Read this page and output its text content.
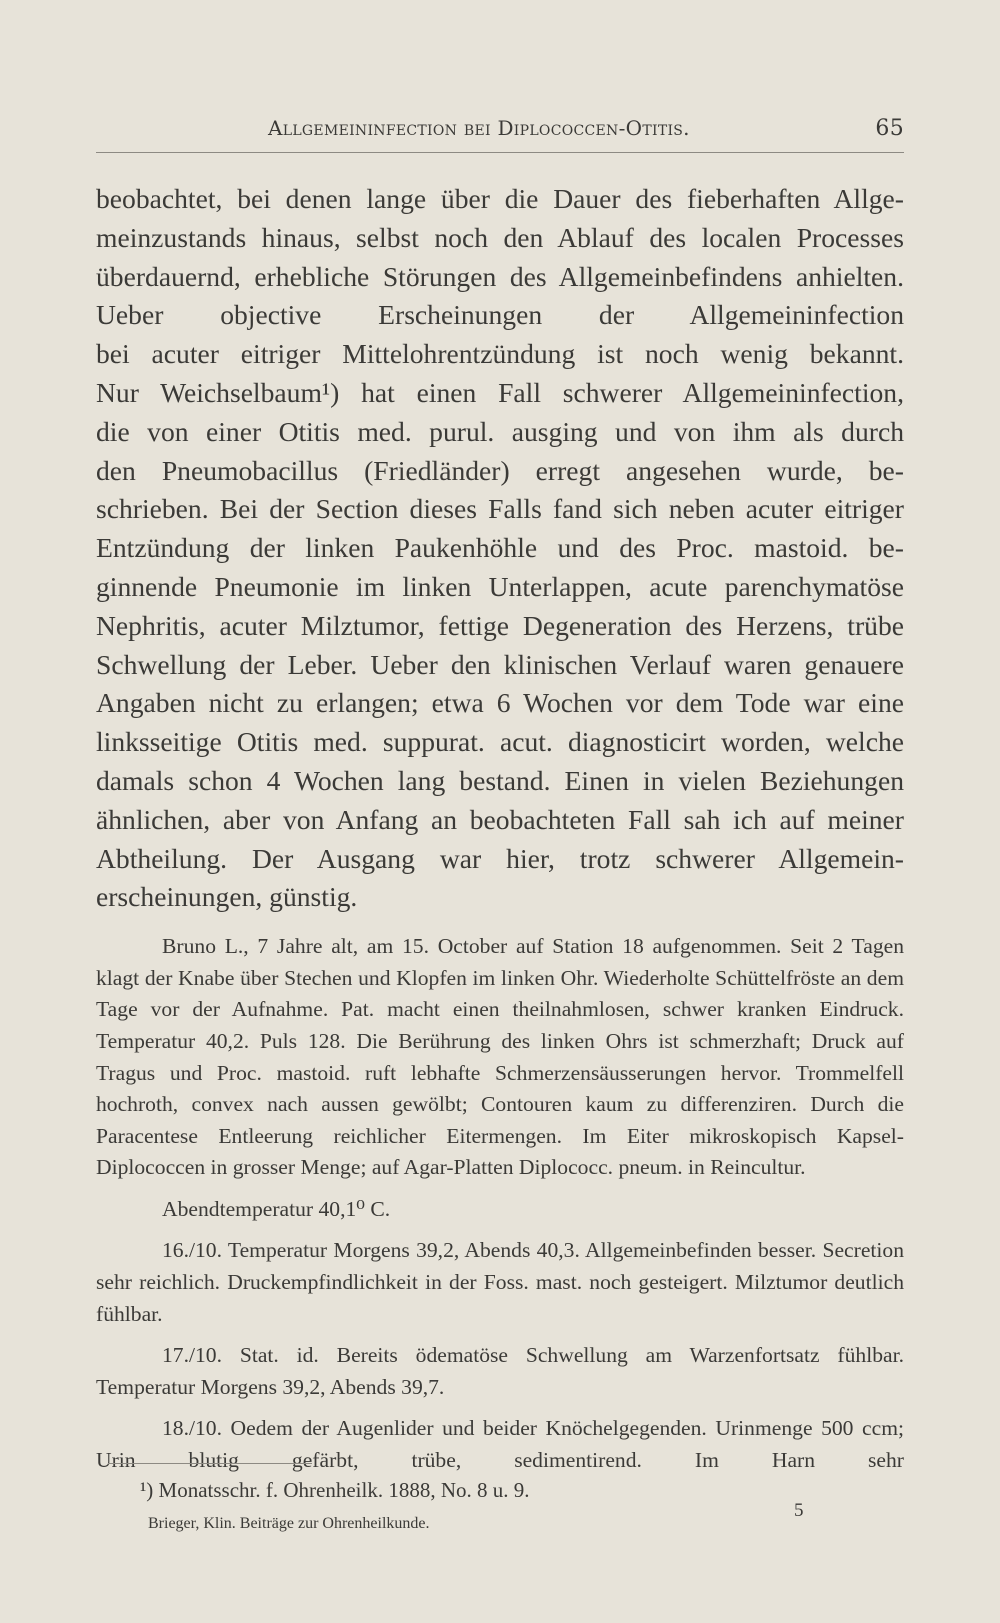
Allgemeininfection bei Diplococcen-Otitis.	65

beobachtet, bei denen lange über die Dauer des fieberhaften Allge-
meinzustands hinaus, selbst noch den Ablauf des localen Processes
überdauernd, erhebliche Störungen des Allgemeinbefindens anhielten.
Ueber objective Erscheinungen der Allgemeininfection
bei acuter eitriger Mittelohrentzündung ist noch wenig bekannt.
Nur Weichselbaum¹) hat einen Fall schwerer Allgemeininfection,
die von einer Otitis med. purul. ausging und von ihm als durch
den Pneumobacillus (Friedländer) erregt angesehen wurde, be-
schrieben. Bei der Section dieses Falls fand sich neben acuter eitriger
Entzündung der linken Paukenhöhle und des Proc. mastoid. be-
ginnende Pneumonie im linken Unterlappen, acute parenchymatöse
Nephritis, acuter Milztumor, fettige Degeneration des Herzens, trübe
Schwellung der Leber. Ueber den klinischen Verlauf waren genauere
Angaben nicht zu erlangen; etwa 6 Wochen vor dem Tode war eine
linksseitige Otitis med. suppurat. acut. diagnosticirt worden, welche
damals schon 4 Wochen lang bestand. Einen in vielen Beziehungen
ähnlichen, aber von Anfang an beobachteten Fall sah ich auf meiner
Abtheilung. Der Ausgang war hier, trotz schwerer Allgemein-
erscheinungen, günstig.

Bruno L., 7 Jahre alt, am 15. October auf Station 18 aufgenommen. Seit 2 Tagen klagt der Knabe über Stechen und Klopfen im linken Ohr. Wiederholte Schüttelfröste an dem Tage vor der Aufnahme. Pat. macht einen theilnahmlosen, schwer kranken Eindruck. Temperatur 40,2. Puls 128. Die Berührung des linken Ohrs ist schmerzhaft; Druck auf Tragus und Proc. mastoid. ruft lebhafte Schmerzensäusserungen hervor. Trommelfell hochroth, convex nach aussen gewölbt; Contouren kaum zu differenziren. Durch die Paracentese Entleerung reichlicher Eitermengen. Im Eiter mikroskopisch Kapsel-Diplococcen in grosser Menge; auf Agar-Platten Diplococc. pneum. in Reincultur.

Abendtemperatur 40,1⁰ C.

16./10. Temperatur Morgens 39,2, Abends 40,3. Allgemeinbefinden besser. Secretion sehr reichlich. Druckempfindlichkeit in der Foss. mast. noch gesteigert. Milztumor deutlich fühlbar.

17./10. Stat. id. Bereits ödematöse Schwellung am Warzenfortsatz fühlbar. Temperatur Morgens 39,2, Abends 39,7.

18./10. Oedem der Augenlider und beider Knöchelgegenden. Urinmenge 500 ccm; Urin blutig gefärbt, trübe, sedimentirend. Im Harn sehr

¹) Monatsschr. f. Ohrenheilk. 1888, No. 8 u. 9.
Brieger, Klin. Beiträge zur Ohrenheilkunde.
5
